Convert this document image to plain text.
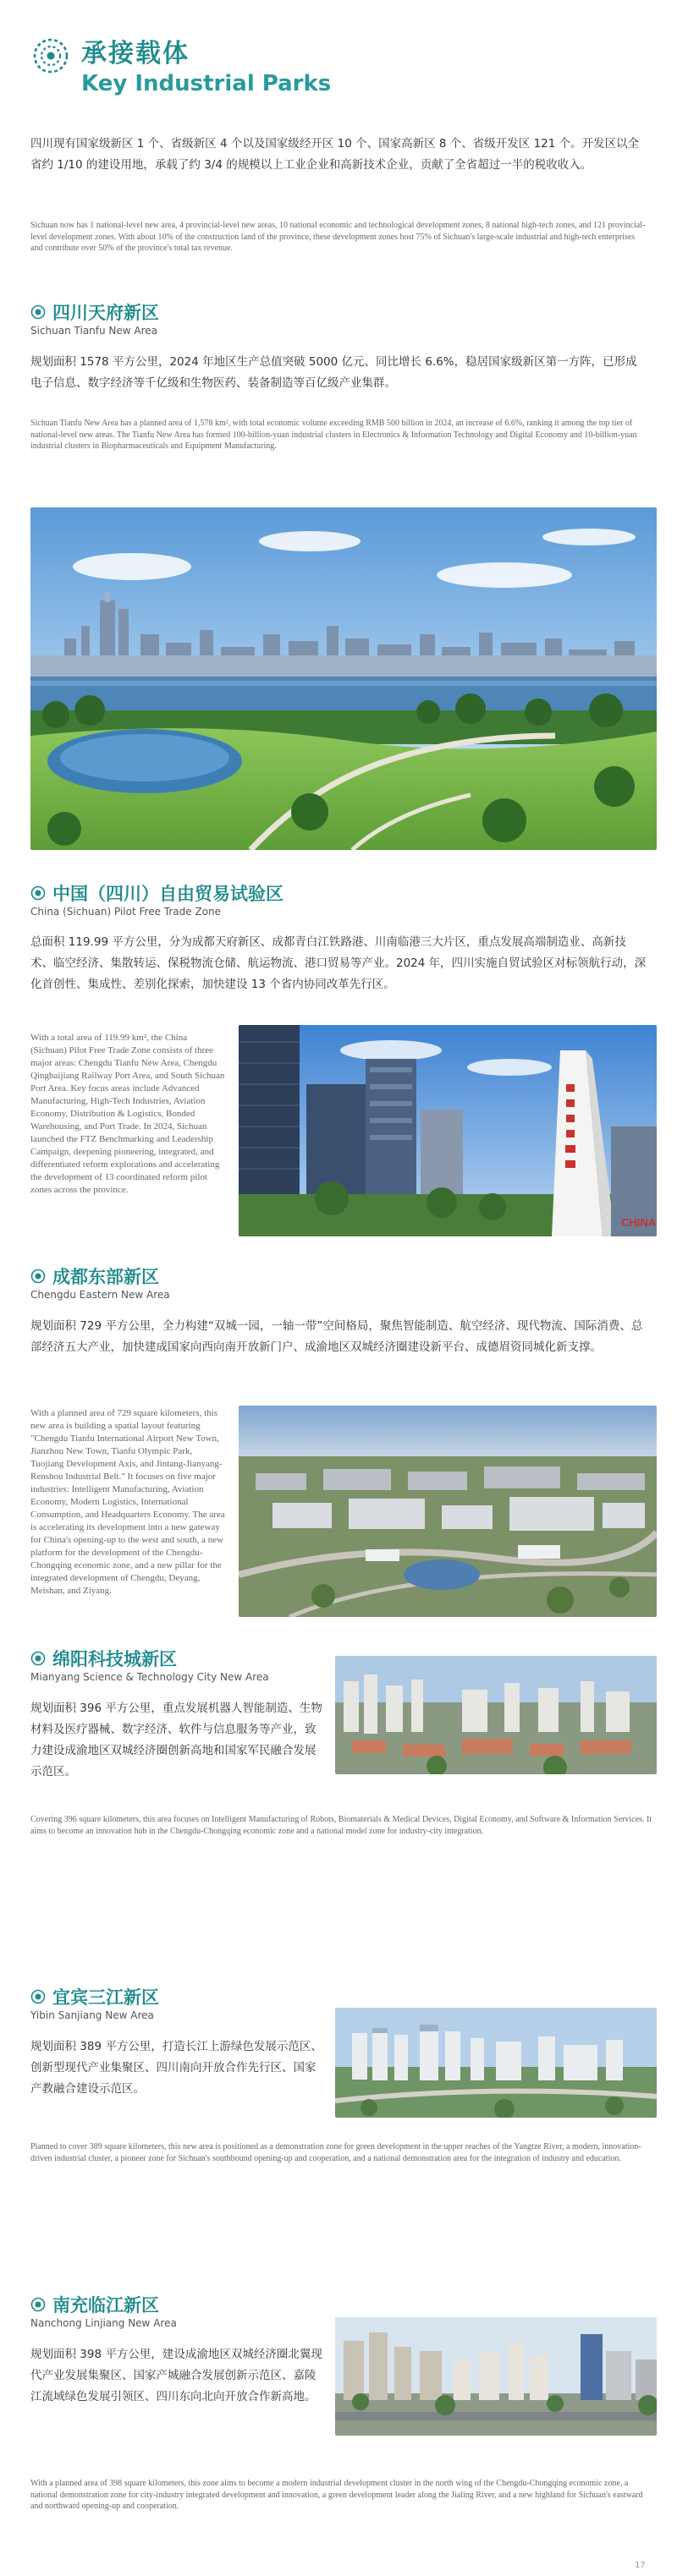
承接载体
Key Industrial Parks
四川现有国家级新区 1 个、省级新区 4 个以及国家级经开区 10 个、国家高新区 8 个、省级开发区 121 个。开发区以全省约 1/10 的建设用地，承载了约 3/4 的规模以上工业企业和高新技术企业，贡献了全省超过一半的税收收入。
Sichuan now has 1 national-level new area, 4 provincial-level new areas, 10 national economic and technological development zones, 8 national high-tech zones, and 121 provincial-level development zones. With about 10% of the construction land of the province, these development zones host 75% of Sichuan's large-scale industrial and high-tech enterprises and contribute over 50% of the province's total tax revenue.
四川天府新区
Sichuan Tianfu New Area
规划面积 1578 平方公里，2024 年地区生产总值突破 5000 亿元、同比增长 6.6%，稳居国家级新区第一方阵，已形成电子信息、数字经济等千亿级和生物医药、装备制造等百亿级产业集群。
Sichuan Tianfu New Area has a planned area of 1,578 km², with total economic volume exceeding RMB 500 billion in 2024, an increase of 6.6%, ranking it among the top tier of national-level new areas. The Tianfu New Area has formed 100-billion-yuan industrial clusters in Electronics & Information Technology and Digital Economy and 10-billion-yuan industrial clusters in Biopharmaceuticals and Equipment Manufacturing.
中国（四川）自由贸易试验区
China (Sichuan) Pilot Free Trade Zone
总面积 119.99 平方公里，分为成都天府新区、成都青白江铁路港、川南临港三大片区，重点发展高端制造业、高新技术、临空经济、集散转运、保税物流仓储、航运物流、港口贸易等产业。2024 年，四川实施自贸试验区对标领航行动，深化首创性、集成性、差别化探索，加快建设 13 个省内协同改革先行区。
With a total area of 119.99 km², the China (Sichuan) Pilot Free Trade Zone consists of three major areas: Chengdu Tianfu New Area, Chengdu Qingbaijiang Railway Port Area, and South Sichuan Port Area. Key focus areas include Advanced Manufacturing, High-Tech Industries, Aviation Economy, Distribution & Logistics, Bonded Warehousing, and Port Trade. In 2024, Sichuan launched the FTZ Benchmarking and Leadership Campaign, deepening pioneering, integrated, and differentiated reform explorations and accelerating the development of 13 coordinated reform pilot zones across the province.
CHINA
成都东部新区
Chengdu Eastern New Area
规划面积 729 平方公里，全力构建“双城一园，一轴一带”空间格局，聚焦智能制造、航空经济、现代物流、国际消费、总部经济五大产业，加快建成国家向西向南开放新门户、成渝地区双城经济圈建设新平台、成德眉资同城化新支撑。
With a planned area of 729 square kilometers, this new area is building a spatial layout featuring "Chengdu Tianfu International Airport New Town, Jianzhou New Town, Tianfu Olympic Park, Tuojiang Development Axis, and Jintang-Jianyang-Renshou Industrial Belt." It focuses on five major industries: Intelligent Manufacturing, Aviation Economy, Modern Logistics, International Consumption, and Headquarters Economy. The area is accelerating its development into a new gateway for China's opening-up to the west and south, a new platform for the development of the Chengdu-Chongqing economic zone, and a new pillar for the integrated development of Chengdu, Deyang, Meishan, and Ziyang.
绵阳科技城新区
Mianyang Science & Technology City New Area
规划面积 396 平方公里，重点发展机器人智能制造、生物材料及医疗器械、数字经济、软件与信息服务等产业，致力建设成渝地区双城经济圈创新高地和国家军民融合发展示范区。
Covering 396 square kilometers, this area focuses on Intelligent Manufacturing of Robots, Biomaterials & Medical Devices, Digital Economy, and Software & Information Services. It aims to become an innovation hub in the Chengdu-Chongqing economic zone and a national model zone for industry-city integration.
宜宾三江新区
Yibin Sanjiang New Area
规划面积 389 平方公里，打造长江上游绿色发展示范区、创新型现代产业集聚区、四川南向开放合作先行区、国家产教融合建设示范区。
Planned to cover 389 square kilometers, this new area is positioned as a demonstration zone for green development in the upper reaches of the Yangtze River, a modern, innovation-driven industrial cluster, a pioneer zone for Sichuan's southbound opening-up and cooperation, and a national demonstration area for the integration of industry and education.
南充临江新区
Nanchong Linjiang New Area
规划面积 398 平方公里，建设成渝地区双城经济圈北翼现代产业发展集聚区、国家产城融合发展创新示范区、嘉陵江流域绿色发展引领区、四川东向北向开放合作新高地。
With a planned area of 398 square kilometers, this zone aims to become a modern industrial development cluster in the north wing of the Chengdu-Chongqing economic zone, a national demonstration zone for city-industry integrated development and innovation, a green development leader along the Jialing River, and a new highland for Sichuan's eastward and northward opening-up and cooperation.
17
